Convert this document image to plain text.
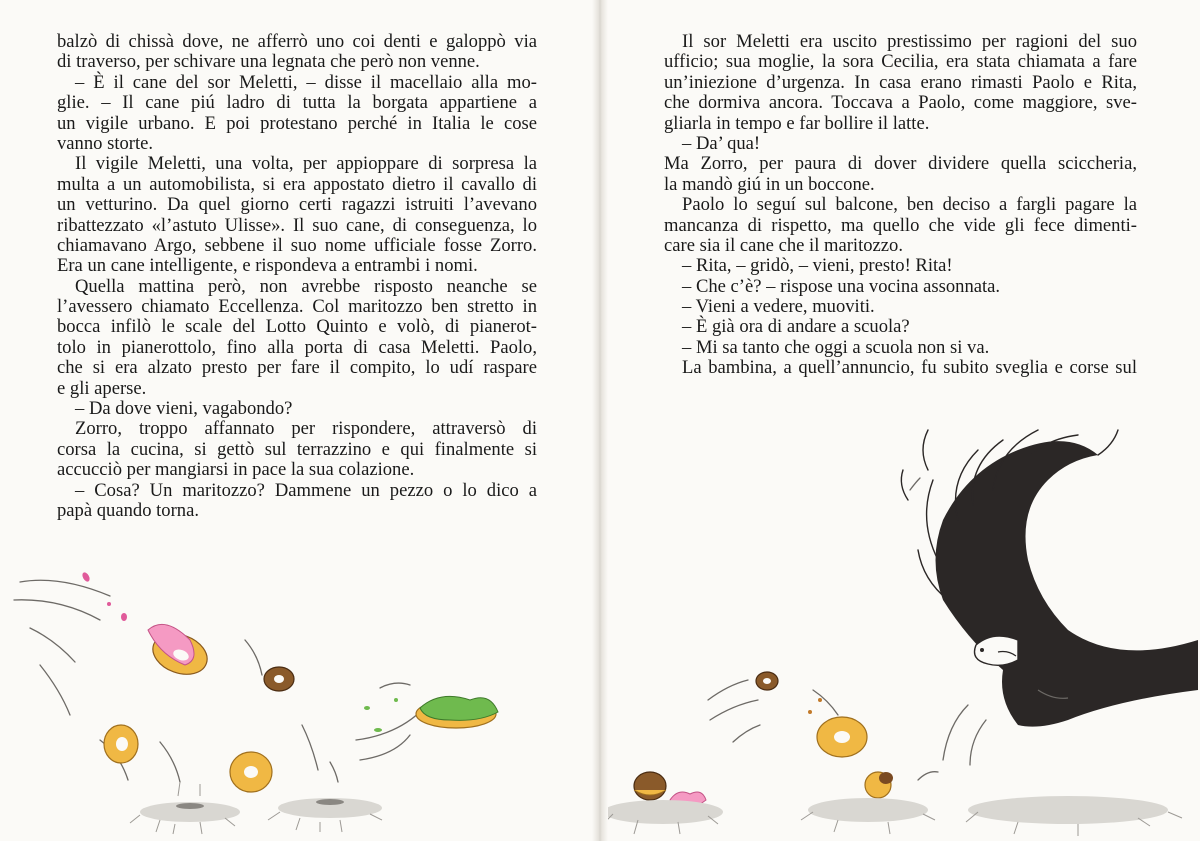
balzò di chissà dove, ne afferrò uno coi denti e galoppò via
di traverso, per schivare una legnata che però non venne.
– È il cane del sor Meletti, – disse il macellaio alla mo-
glie. – Il cane piú ladro di tutta la borgata appartiene a
un vigile urbano. E poi protestano perché in Italia le cose
vanno storte.
Il vigile Meletti, una volta, per appioppare di sorpresa la
multa a un automobilista, si era appostato dietro il cavallo di
un vetturino. Da quel giorno certi ragazzi istruiti l’avevano
ribattezzato «l’astuto Ulisse». Il suo cane, di conseguenza, lo
chiamavano Argo, sebbene il suo nome ufficiale fosse Zorro.
Era un cane intelligente, e rispondeva a entrambi i nomi.
Quella mattina però, non avrebbe risposto neanche se
l’avessero chiamato Eccellenza. Col maritozzo ben stretto in
bocca infilò le scale del Lotto Quinto e volò, di pianerot-
tolo in pianerottolo, fino alla porta di casa Meletti. Paolo,
che si era alzato presto per fare il compito, lo udí raspare
e gli aperse.
– Da dove vieni, vagabondo?
Zorro, troppo affannato per rispondere, attraversò di
corsa la cucina, si gettò sul terrazzino e qui finalmente si
accucciò per mangiarsi in pace la sua colazione.
– Cosa? Un maritozzo? Dammene un pezzo o lo dico a
papà quando torna.
Il sor Meletti era uscito prestissimo per ragioni del suo
ufficio; sua moglie, la sora Cecilia, era stata chiamata a fare
un’iniezione d’urgenza. In casa erano rimasti Paolo e Rita,
che dormiva ancora. Toccava a Paolo, come maggiore, sve-
gliarla in tempo e far bollire il latte.
– Da’ qua!
Ma Zorro, per paura di dover dividere quella sciccheria,
la mandò giú in un boccone.
Paolo lo seguí sul balcone, ben deciso a fargli pagare la
mancanza di rispetto, ma quello che vide gli fece dimenti-
care sia il cane che il maritozzo.
– Rita, – gridò, – vieni, presto! Rita!
– Che c’è? – rispose una vocina assonnata.
– Vieni a vedere, muoviti.
– È già ora di andare a scuola?
– Mi sa tanto che oggi a scuola non si va.
La bambina, a quell’annuncio, fu subito sveglia e corse sul
